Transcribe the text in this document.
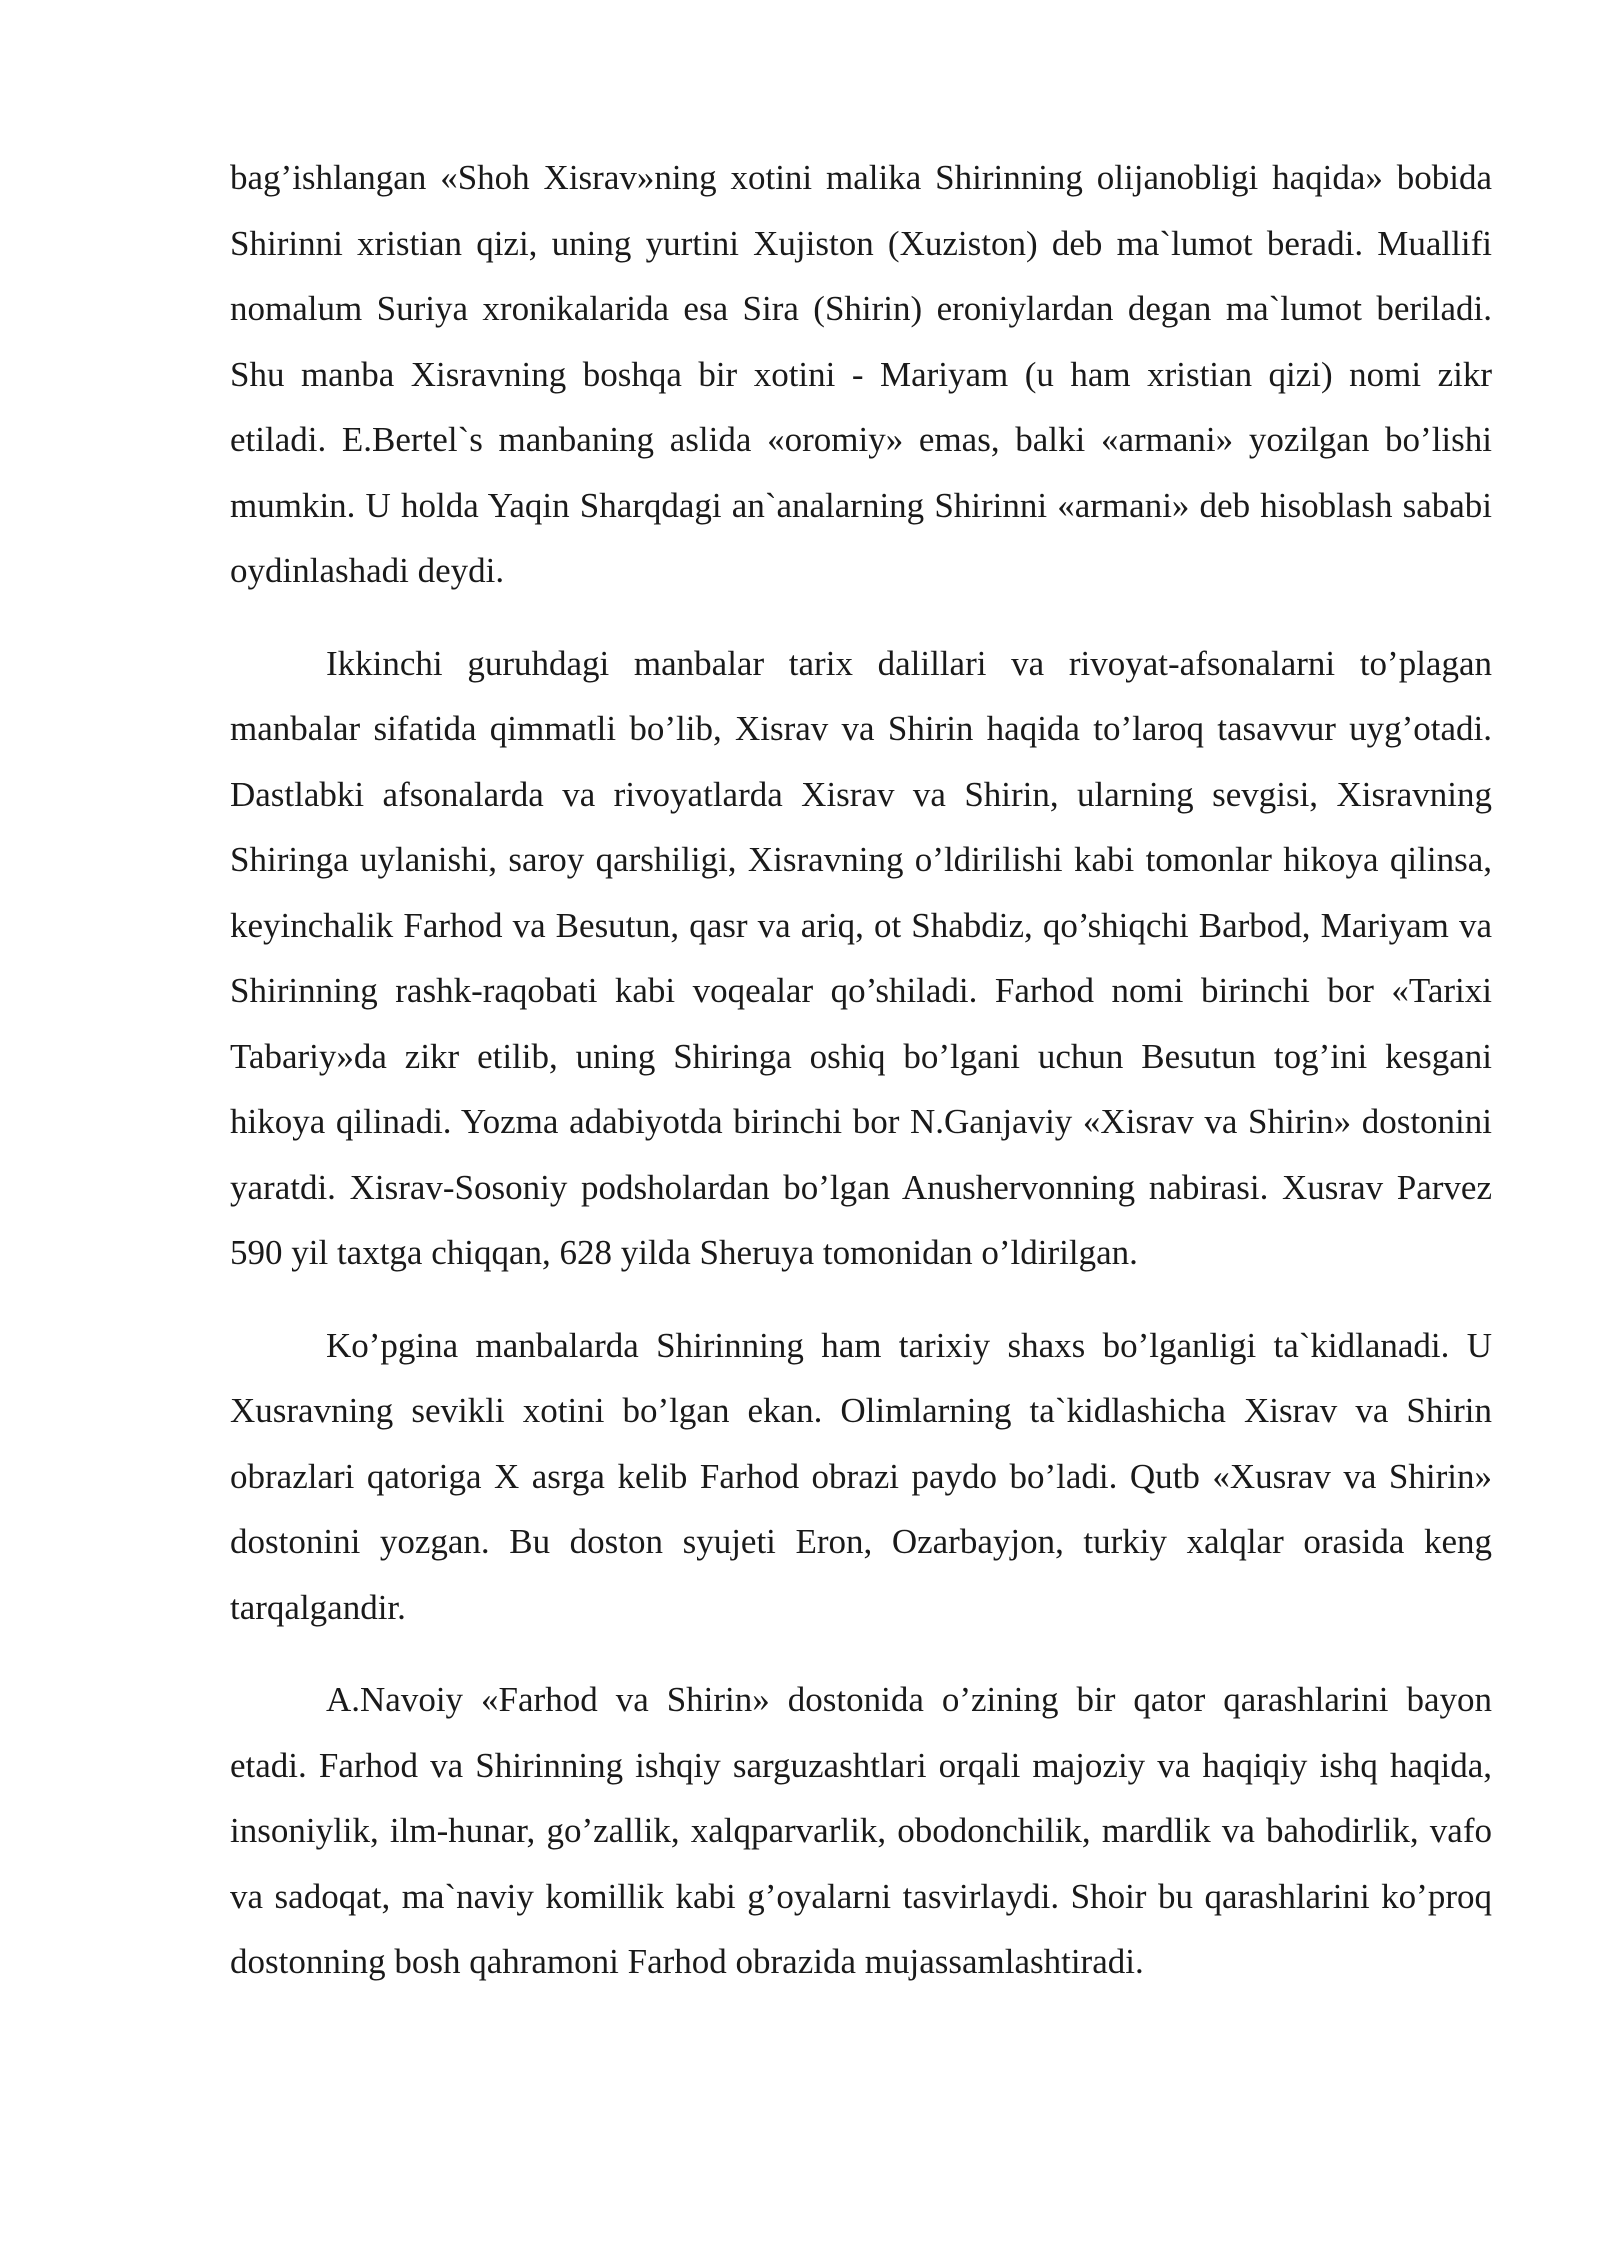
bag’ishlangan «Shoh Xisrav»ning xotini malika Shirinning olijanobligi haqida» bobida Shirinni xristian qizi, uning yurtini Xujiston (Xuziston) deb ma`lumot beradi. Muallifi nomalum Suriya xronikalarida esa Sira (Shirin) eroniylardan degan ma`lumot beriladi. Shu manba Xisravning boshqa bir xotini - Mariyam (u ham xristian qizi) nomi zikr etiladi. E.Bertel`s manbaning aslida «oromiy» emas, balki «armani» yozilgan bo’lishi mumkin. U holda Yaqin Sharqdagi an`analarning Shirinni «armani» deb hisoblash sababi oydinlashadi deydi.

Ikkinchi guruhdagi manbalar tarix dalillari va rivoyat-afsonalarni to’plagan manbalar sifatida qimmatli bo’lib, Xisrav va Shirin haqida to’laroq tasavvur uyg’otadi. Dastlabki afsonalarda va rivoyatlarda Xisrav va Shirin, ularning sevgisi, Xisravning Shiringa uylanishi, saroy qarshiligi, Xisravning o’ldirilishi kabi tomonlar hikoya qilinsa, keyinchalik Farhod va Besutun, qasr va ariq, ot Shabdiz, qo’shiqchi Barbod, Mariyam va Shirinning rashk-raqobati kabi voqealar qo’shiladi. Farhod nomi birinchi bor «Tarixi Tabariy»da zikr etilib, uning Shiringa oshiq bo’lgani uchun Besutun tog’ini kesgani hikoya qilinadi. Yozma adabiyotda birinchi bor N.Ganjaviy «Xisrav va Shirin» dostonini yaratdi. Xisrav-Sosoniy podsholardan bo’lgan Anushervonning nabirasi. Xusrav Parvez 590 yil taxtga chiqqan, 628 yilda Sheruya tomonidan o’ldirilgan.

Ko’pgina manbalarda Shirinning ham tarixiy shaxs bo’lganligi ta`kidlanadi. U Xusravning sevikli xotini bo’lgan ekan. Olimlarning ta`kidlashicha Xisrav va Shirin obrazlari qatoriga X asrga kelib Farhod obrazi paydo bo’ladi. Qutb «Xusrav va Shirin» dostonini yozgan. Bu doston syujeti Eron, Ozarbayjon, turkiy xalqlar orasida keng tarqalgandir.

A.Navoiy «Farhod va Shirin» dostonida o’zining bir qator qarashlarini bayon etadi. Farhod va Shirinning ishqiy sarguzashtlari orqali majoziy va haqiqiy ishq haqida, insoniylik, ilm-hunar, go’zallik, xalqparvarlik, obodonchilik, mardlik va bahodirlik, vafo va sadoqat, ma`naviy komillik kabi g’oyalarni tasvirlaydi. Shoir bu qarashlarini ko’proq dostonning bosh qahramoni Farhod obrazida mujassamlashtiradi.
